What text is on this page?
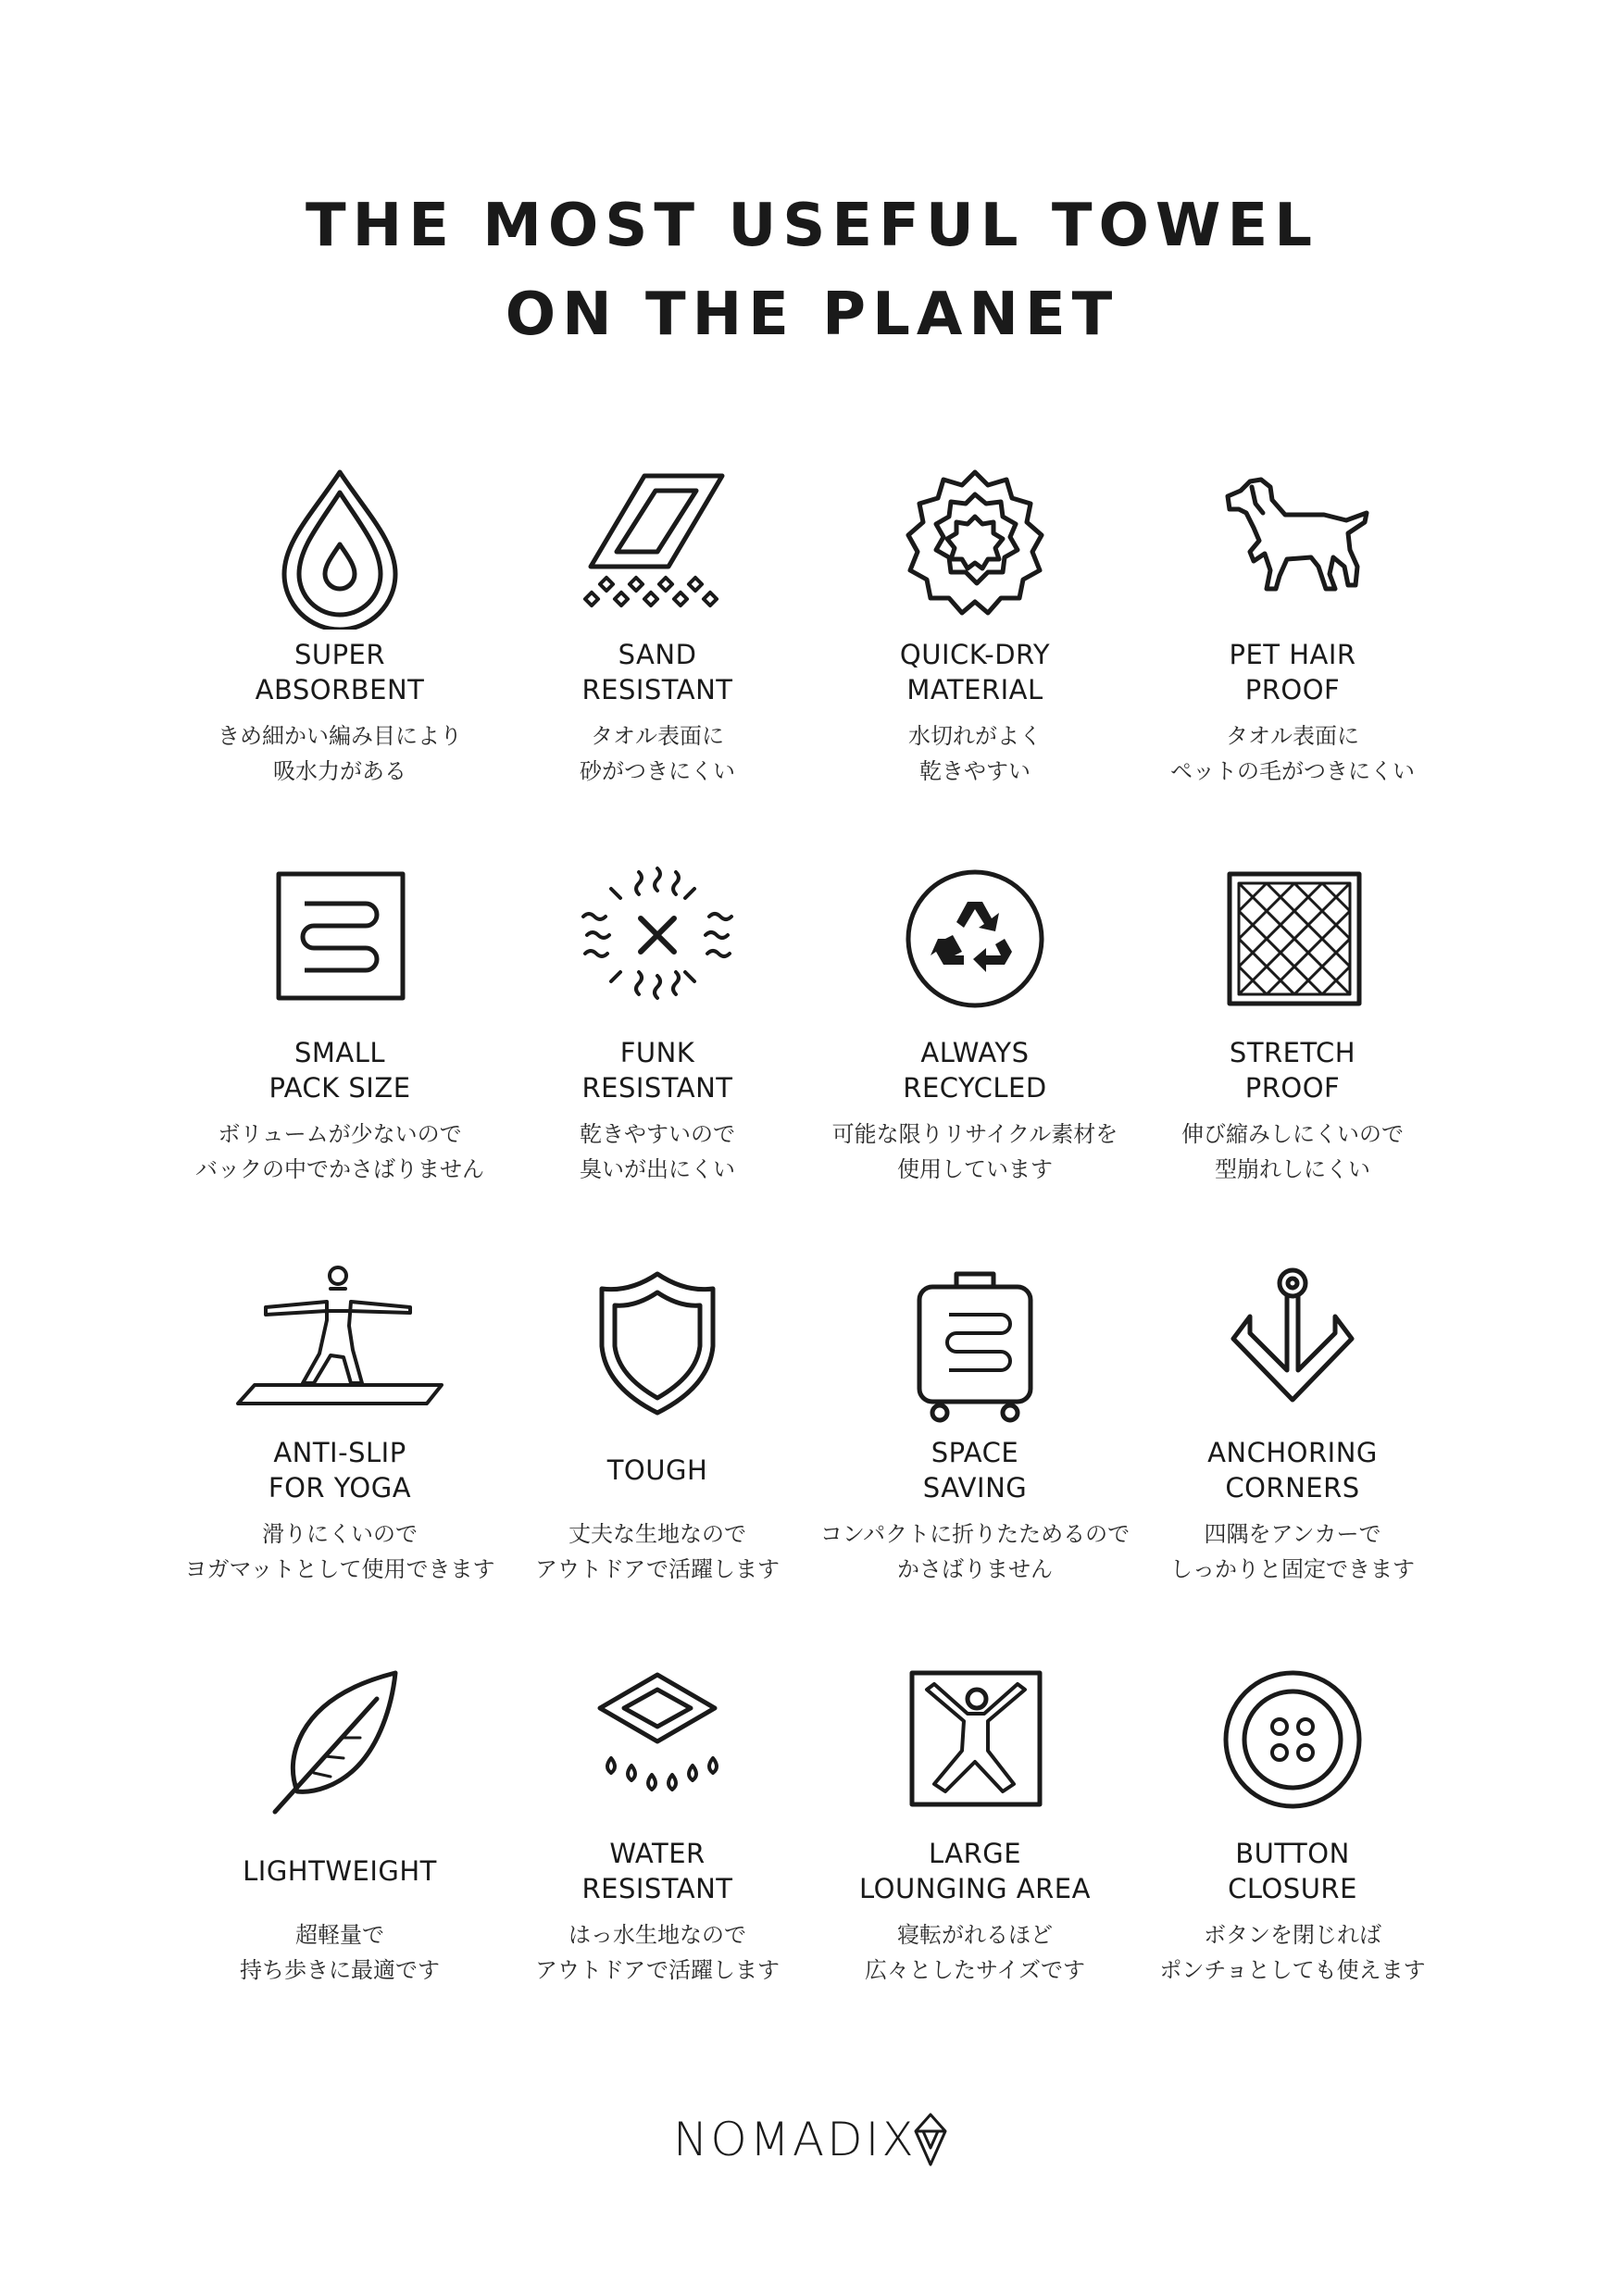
THE MOST USEFUL TOWEL
ON THE PLANET
SUPER
ABSORBENT
きめ細かい編み目により
吸水力がある
SAND
RESISTANT
タオル表面に
砂がつきにくい
QUICK-DRY
MATERIAL
水切れがよく
乾きやすい
PET HAIR
PROOF
タオル表面に
ペットの毛がつきにくい
SMALL
PACK SIZE
ボリュームが少ないので
バックの中でかさばりません
FUNK
RESISTANT
乾きやすいので
臭いが出にくい
ALWAYS
RECYCLED
可能な限りリサイクル素材を
使用しています
STRETCH
PROOF
伸び縮みしにくいので
型崩れしにくい
ANTI-SLIP
FOR YOGA
滑りにくいので
ヨガマットとして使用できます
TOUGH
丈夫な生地なので
アウトドアで活躍します
SPACE
SAVING
コンパクトに折りたためるので
かさばりません
ANCHORING
CORNERS
四隅をアンカーで
しっかりと固定できます
LIGHTWEIGHT
超軽量で
持ち歩きに最適です
WATER
RESISTANT
はっ水生地なので
アウトドアで活躍します
LARGE
LOUNGING AREA
寝転がれるほど
広々としたサイズです
BUTTON
CLOSURE
ボタンを閉じれば
ポンチョとしても使えます
NOMADIX
